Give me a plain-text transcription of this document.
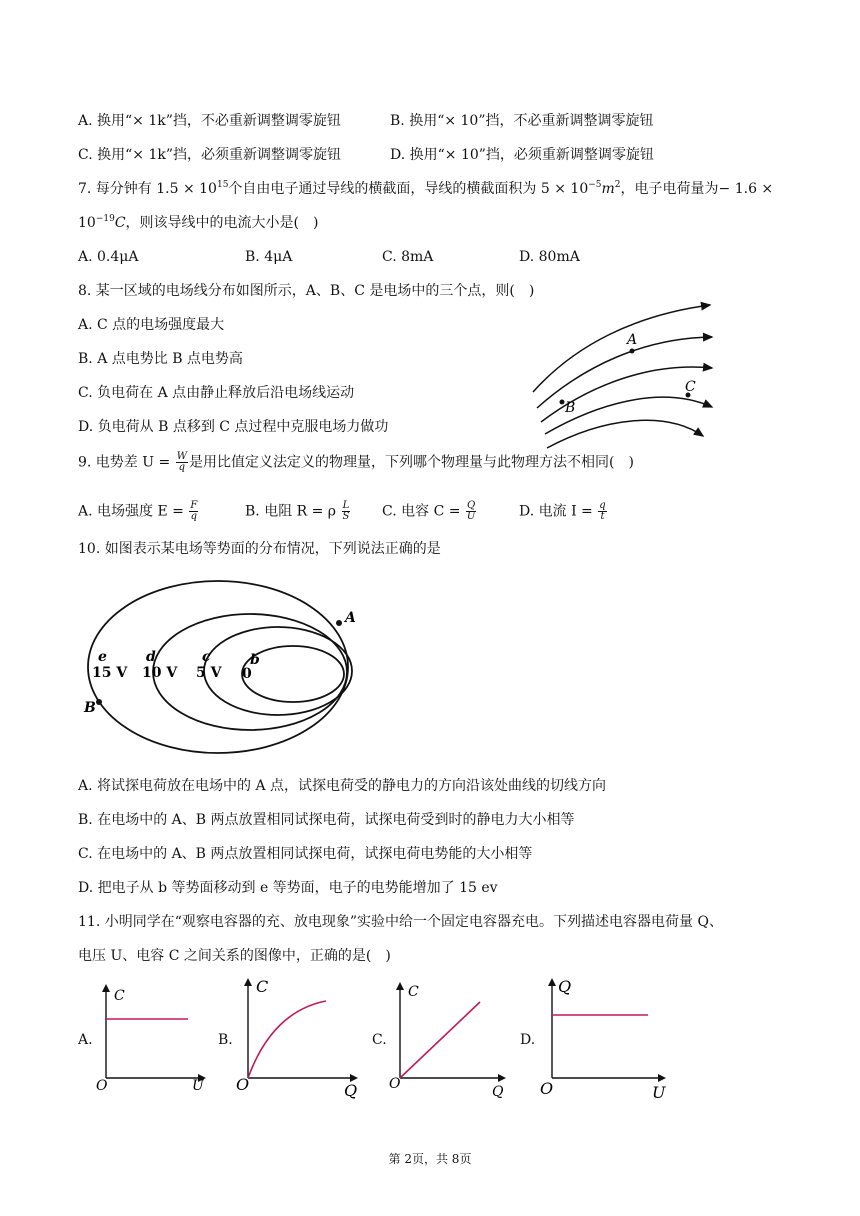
A. 换用“× 1k”挡，不必重新调整调零旋钮	B. 换用“× 10”挡，不必重新调整调零旋钮
C. 换用“× 1k”挡，必须重新调整调零旋钮	D. 换用“× 10”挡，必须重新调整调零旋钮
7. 每分钟有 $1.5 \times 10^{15}$个自由电子通过导线的横截面，导线的横截面积为 $5 \times 10^{-5}m^2$，电子电荷量为− 1.6 ×
$10^{-19}C$，则该导线中的电流大小是(　)
A. 0.4μA	B. 4μA	C. 8mA	D. 80mA
8. 某一区域的电场线分布如图所示，A、B、C 是电场中的三个点，则(　)
A. C 点的电场强度最大
B. A 点电势比 B 点电势高
C. 负电荷在 A 点由静止释放后沿电场线运动
D. 负电荷从 B 点移到 C 点过程中克服电场力做功
A
B
C
9. 电势差 $U = \frac{W}{q}$ 是用比值定义法定义的物理量，下列哪个物理量与此物理方法不相同(　)
A. 电场强度 $E = \frac{F}{q}$	B. 电阻 R = ρ $\frac{L}{S} C$. 电容 $C = \frac{Q}{U}$	D. 电流 $I = \frac{q}{t}$
10. 如图表示某电场等势面的分布情况，下列说法正确的是
e
15 V
d
10 V
c
5 V
b
0
A
B
A. 将试探电荷放在电场中的 A 点，试探电荷受的静电力的方向沿该处曲线的切线方向
B. 在电场中的 A、B 两点放置相同试探电荷，试探电荷受到时的静电力大小相等
C. 在电场中的 A、B 两点放置相同试探电荷，试探电荷电势能的大小相等
D. 把电子从 b 等势面移动到 e 等势面，电子的电势能增加了 15 ev
11. 小明同学在“观察电容器的充、放电现象”实验中给一个固定电容器充电。下列描述电容器电荷量 Q、
电压 U、电容 C 之间关系的图像中，正确的是(　)
A.	B.	C.	D.
C
U
O
C
Q
O
C
Q
O
Q
U
O
第 2页，共 8页
